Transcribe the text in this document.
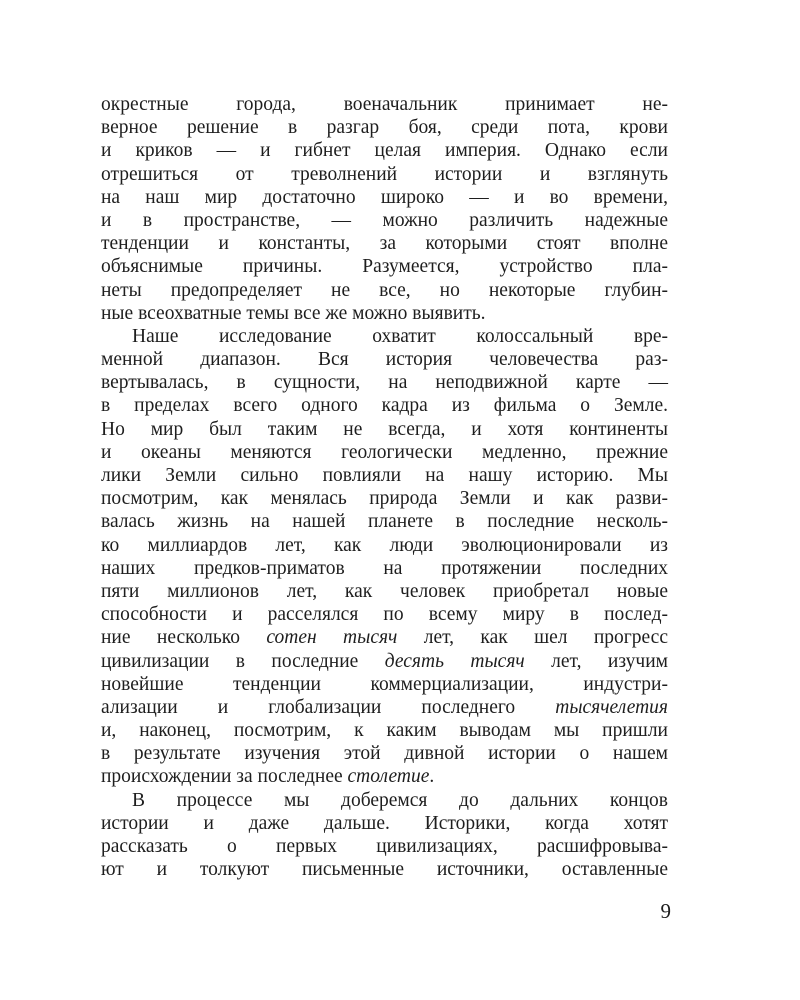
окрестные города, военачальник принимает не-
верное решение в разгар боя, среди пота, крови
и криков — и гибнет целая империя. Однако если
отрешиться от треволнений истории и взглянуть
на наш мир достаточно широко — и во времени,
и в пространстве, — можно различить надежные
тенденции и константы, за которыми стоят вполне
объяснимые причины. Разумеется, устройство пла-
неты предопределяет не все, но некоторые глубин-
ные всеохватные темы все же можно выявить.
Наше исследование охватит колоссальный вре-
менной диапазон. Вся история человечества раз-
вертывалась, в сущности, на неподвижной карте —
в пределах всего одного кадра из фильма о Земле.
Но мир был таким не всегда, и хотя континенты
и океаны меняются геологически медленно, прежние
лики Земли сильно повлияли на нашу историю. Мы
посмотрим, как менялась природа Земли и как разви-
валась жизнь на нашей планете в последние несколь-
ко миллиардов лет, как люди эволюционировали из
наших предков-приматов на протяжении последних
пяти миллионов лет, как человек приобретал новые
способности и расселялся по всему миру в послед-
ние несколько сотен тысяч лет, как шел прогресс
цивилизации в последние десять тысяч лет, изучим
новейшие тенденции коммерциализации, индустри-
ализации и глобализации последнего тысячелетия
и, наконец, посмотрим, к каким выводам мы пришли
в результате изучения этой дивной истории о нашем
происхождении за последнее столетие.
В процессе мы доберемся до дальних концов
истории и даже дальше. Историки, когда хотят
рассказать о первых цивилизациях, расшифровыва-
ют и толкуют письменные источники, оставленные
9
